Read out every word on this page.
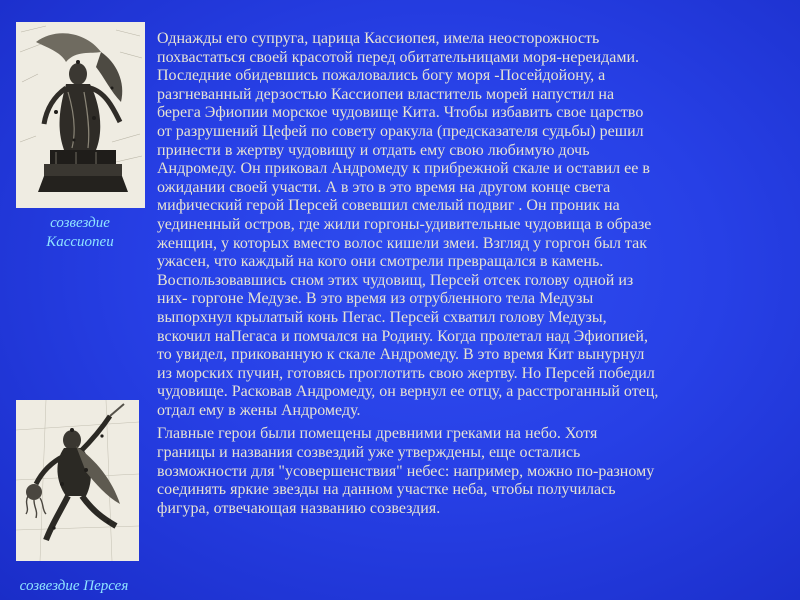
созвездие
Кассиопеи
созвездие Персея

Однажды его супруга, царица Кассиопея, имела неосторожность
похвастаться своей красотой перед обитательницами моря-нереидами.
Последние обидевшись пожаловались богу моря -Посейдойону, а
разгневанный дерзостью Кассиопеи властитель морей напустил на
берега Эфиопии морское чудовище Кита. Чтобы избавить свое царство
от разрушений Цефей по совету оракула (предсказателя судьбы) решил
принести в жертву чудовищу и отдать ему свою любимую дочь
Андромеду. Он приковал Андромеду к прибрежной скале и оставил ее в
ожидании своей участи. А в это в это время на другом конце света
мифический герой Персей совевшил смелый подвиг . Он проник на
уединенный остров, где жили горгоны-удивительные чудовища в образе
женщин, у которых вместо волос кишели змеи. Взгляд у горгон был так
ужасен, что каждый на кого они смотрели превращался в камень.
Воспользовавшись сном этих чудовищ, Персей отсек голову одной из
них- горгоне Медузе. В это время из отрубленного тела Медузы
выпорхнул крылатый конь Пегас. Персей схватил голову Медузы,
вскочил наПегаса и помчался на Родину. Когда пролетал над Эфиопией,
то увидел, прикованную к скале Андромеду. В это время Кит вынурнул
из морских пучин, готовясь проглотить свою жертву. Но Персей победил
чудовище. Расковав Андромеду, он вернул ее отцу, а расстроганный отец,
отдал ему в жены Андромеду.

Главные герои были помещены древними греками на небо. Хотя
границы и названия созвездий уже утверждены, еще остались
возможности для "усовершенствия" небес: например, можно по-разному
соединять яркие звезды на данном участке неба, чтобы получилась
фигура, отвечающая названию созвездия.
